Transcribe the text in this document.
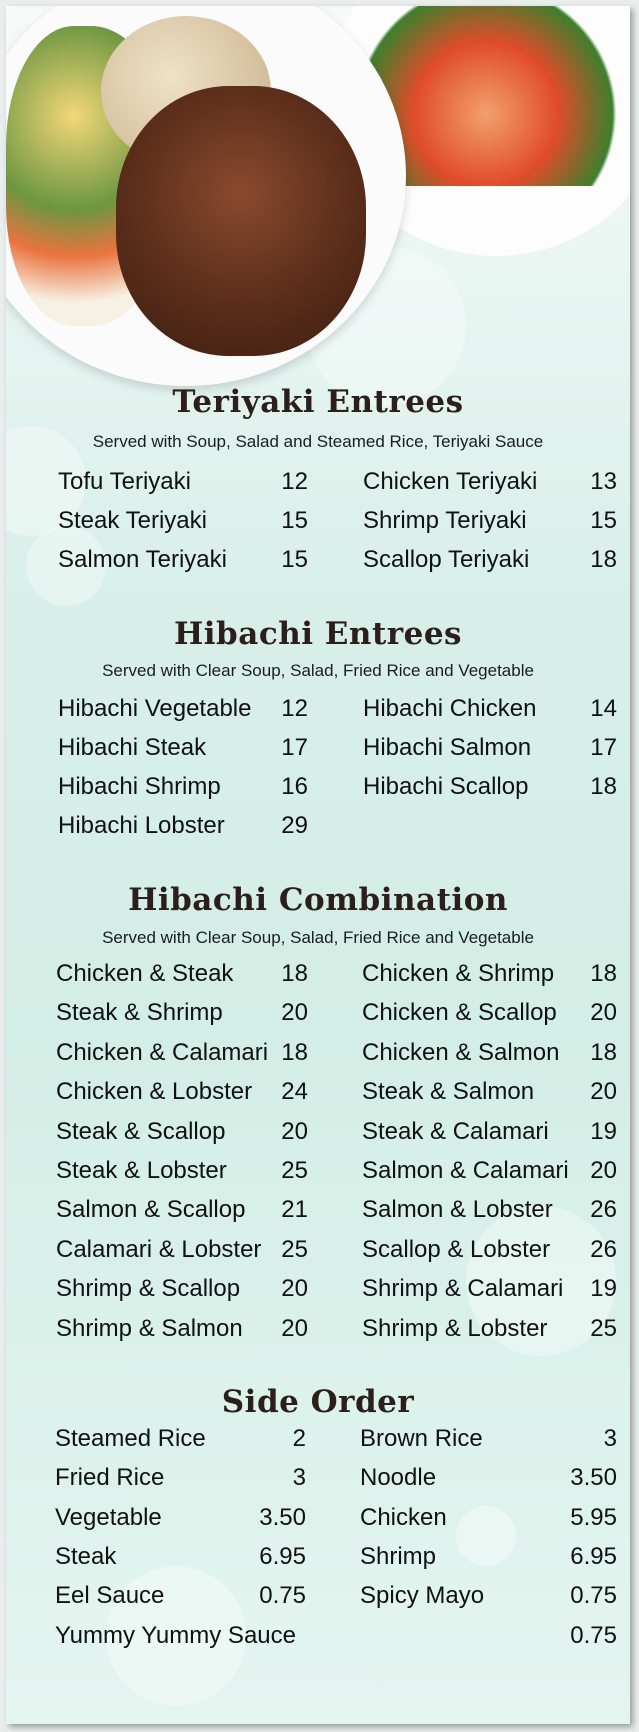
Teriyaki Entrees
Served with Soup, Salad and Steamed Rice, Teriyaki Sauce
Hibachi Entrees
Served with Clear Soup, Salad, Fried Rice and Vegetable
Hibachi Combination
Served with Clear Soup, Salad, Fried Rice and Vegetable
Side Order
Tofu Teriyaki	12
Steak Teriyaki	15
Salmon Teriyaki	15
Chicken Teriyaki	13
Shrimp Teriyaki	15
Scallop Teriyaki	18
Hibachi Vegetable	12
Hibachi Steak	17
Hibachi Shrimp	16
Hibachi Lobster	29
Hibachi Chicken	14
Hibachi Salmon	17
Hibachi Scallop	18
Chicken & Steak	18
Steak & Shrimp	20
Chicken & Calamari 18
Chicken & Lobster	24
Steak & Scallop	20
Steak & Lobster	25
Salmon & Scallop	21
Calamari & Lobster 25
Shrimp & Scallop	20
Shrimp & Salmon	20
Chicken & Shrimp	18
Chicken & Scallop	20
Chicken & Salmon	18
Steak & Salmon	20
Steak & Calamari	19
Salmon & Calamari 20
Salmon & Lobster	26
Scallop & Lobster	26
Shrimp & Calamari	19
Shrimp & Lobster	25
Steamed Rice	2
Fried Rice	3
Vegetable	3.50
Steak	6.95
Eel Sauce	0.75
Yummy Yummy Sauce	0.75
Brown Rice	3
Noodle	3.50
Chicken	5.95
Shrimp	6.95
Spicy Mayo	0.75
